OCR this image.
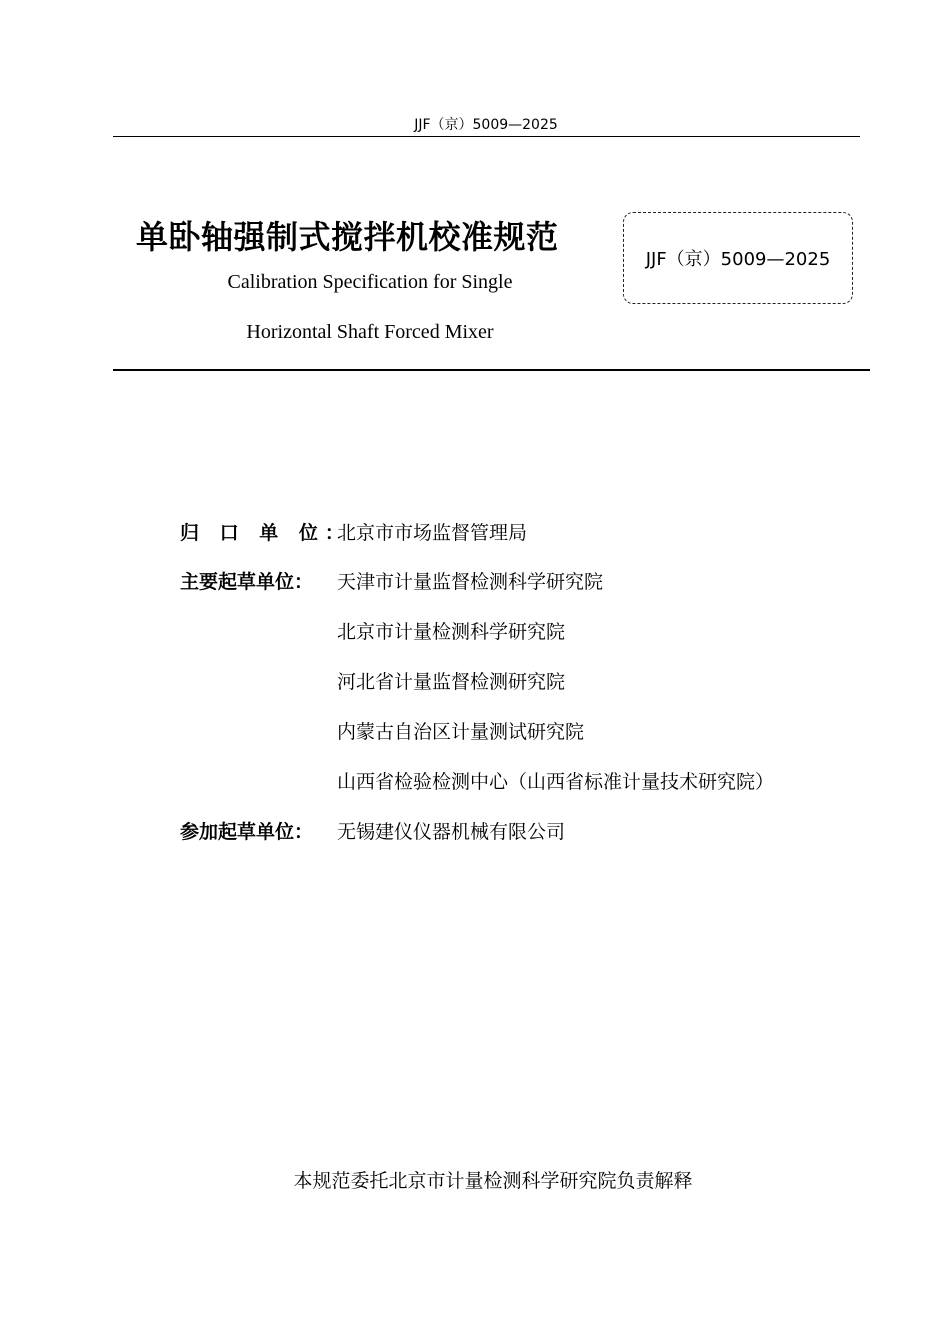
JJF（京）5009—2025
单卧轴强制式搅拌机校准规范
Calibration Specification for Single
Horizontal Shaft Forced Mixer
JJF（京）5009—2025
归 口 单 位：
北京市市场监督管理局
主要起草单位： 天津市计量监督检测科学研究院
北京市计量检测科学研究院
河北省计量监督检测研究院
内蒙古自治区计量测试研究院
山西省检验检测中心（山西省标准计量技术研究院）
参加起草单位： 无锡建仪仪器机械有限公司
本规范委托北京市计量检测科学研究院负责解释
